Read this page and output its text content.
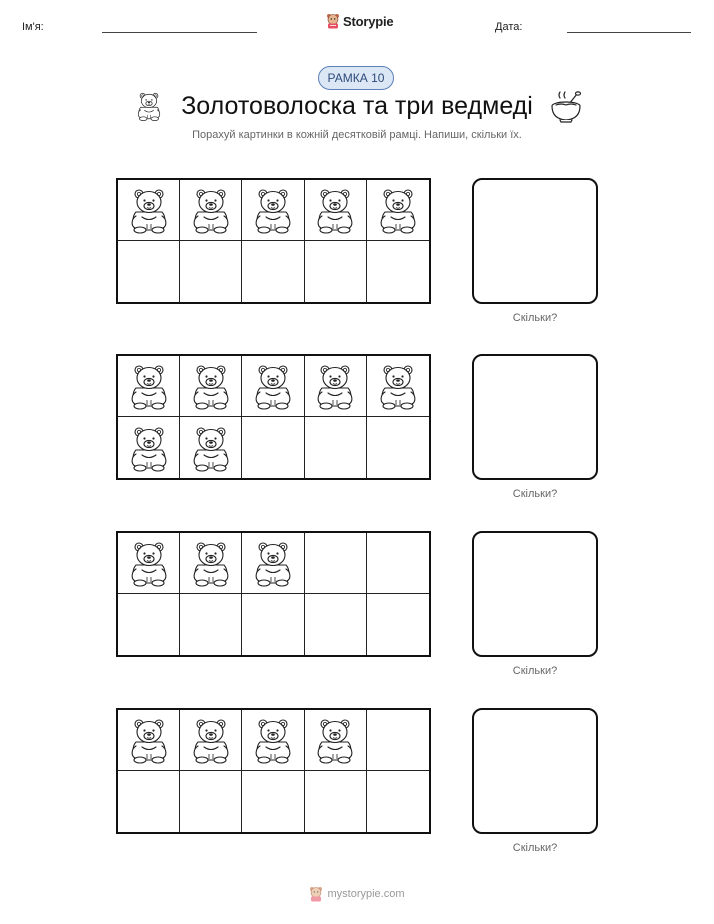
Ім'я:	Storypie	Дата:
РАМКА 10
Золотоволоска та три ведмеді
Порахуй картинки в кожній десятковій рамці. Напиши, скільки їх.
Скільки?
Скільки?
Скільки?
Скільки?
mystorypie.com
